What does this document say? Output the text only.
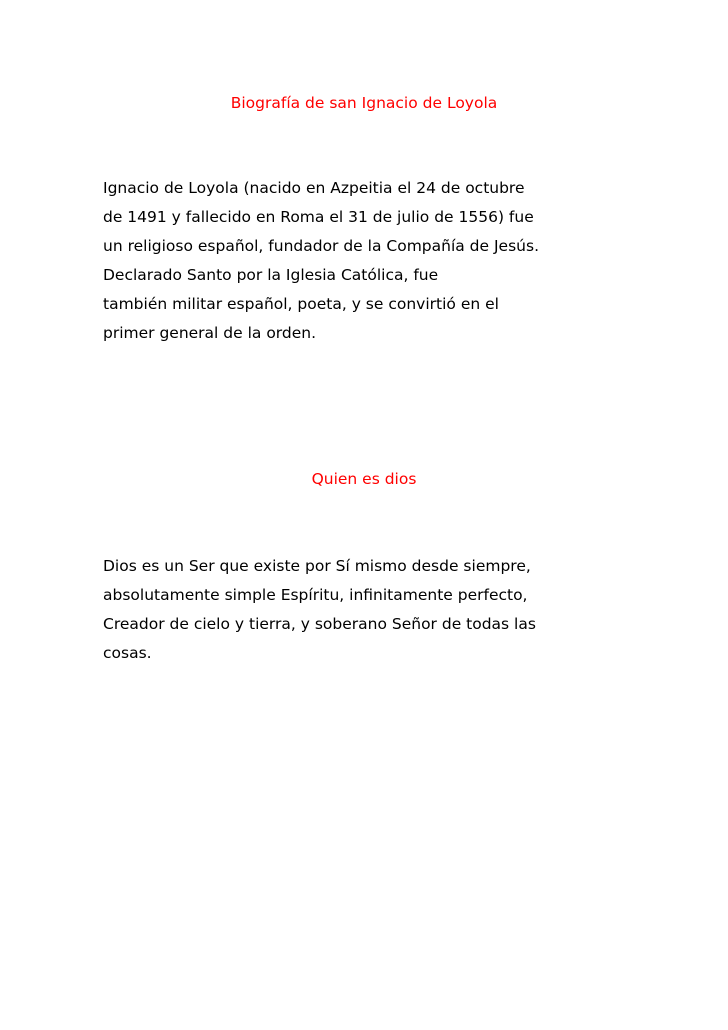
Biografía de san Ignacio de Loyola

Ignacio de Loyola (nacido en Azpeitia el 24 de octubre
de 1491 y fallecido en Roma el 31 de julio de 1556) fue
un religioso español, fundador de la Compañía de Jesús.
Declarado Santo por la Iglesia Católica, fue
también militar español, poeta, y se convirtió en el
primer general de la orden.

Quien es dios

Dios es un Ser que existe por Sí mismo desde siempre,
absolutamente simple Espíritu, infinitamente perfecto,
Creador de cielo y tierra, y soberano Señor de todas las
cosas.
